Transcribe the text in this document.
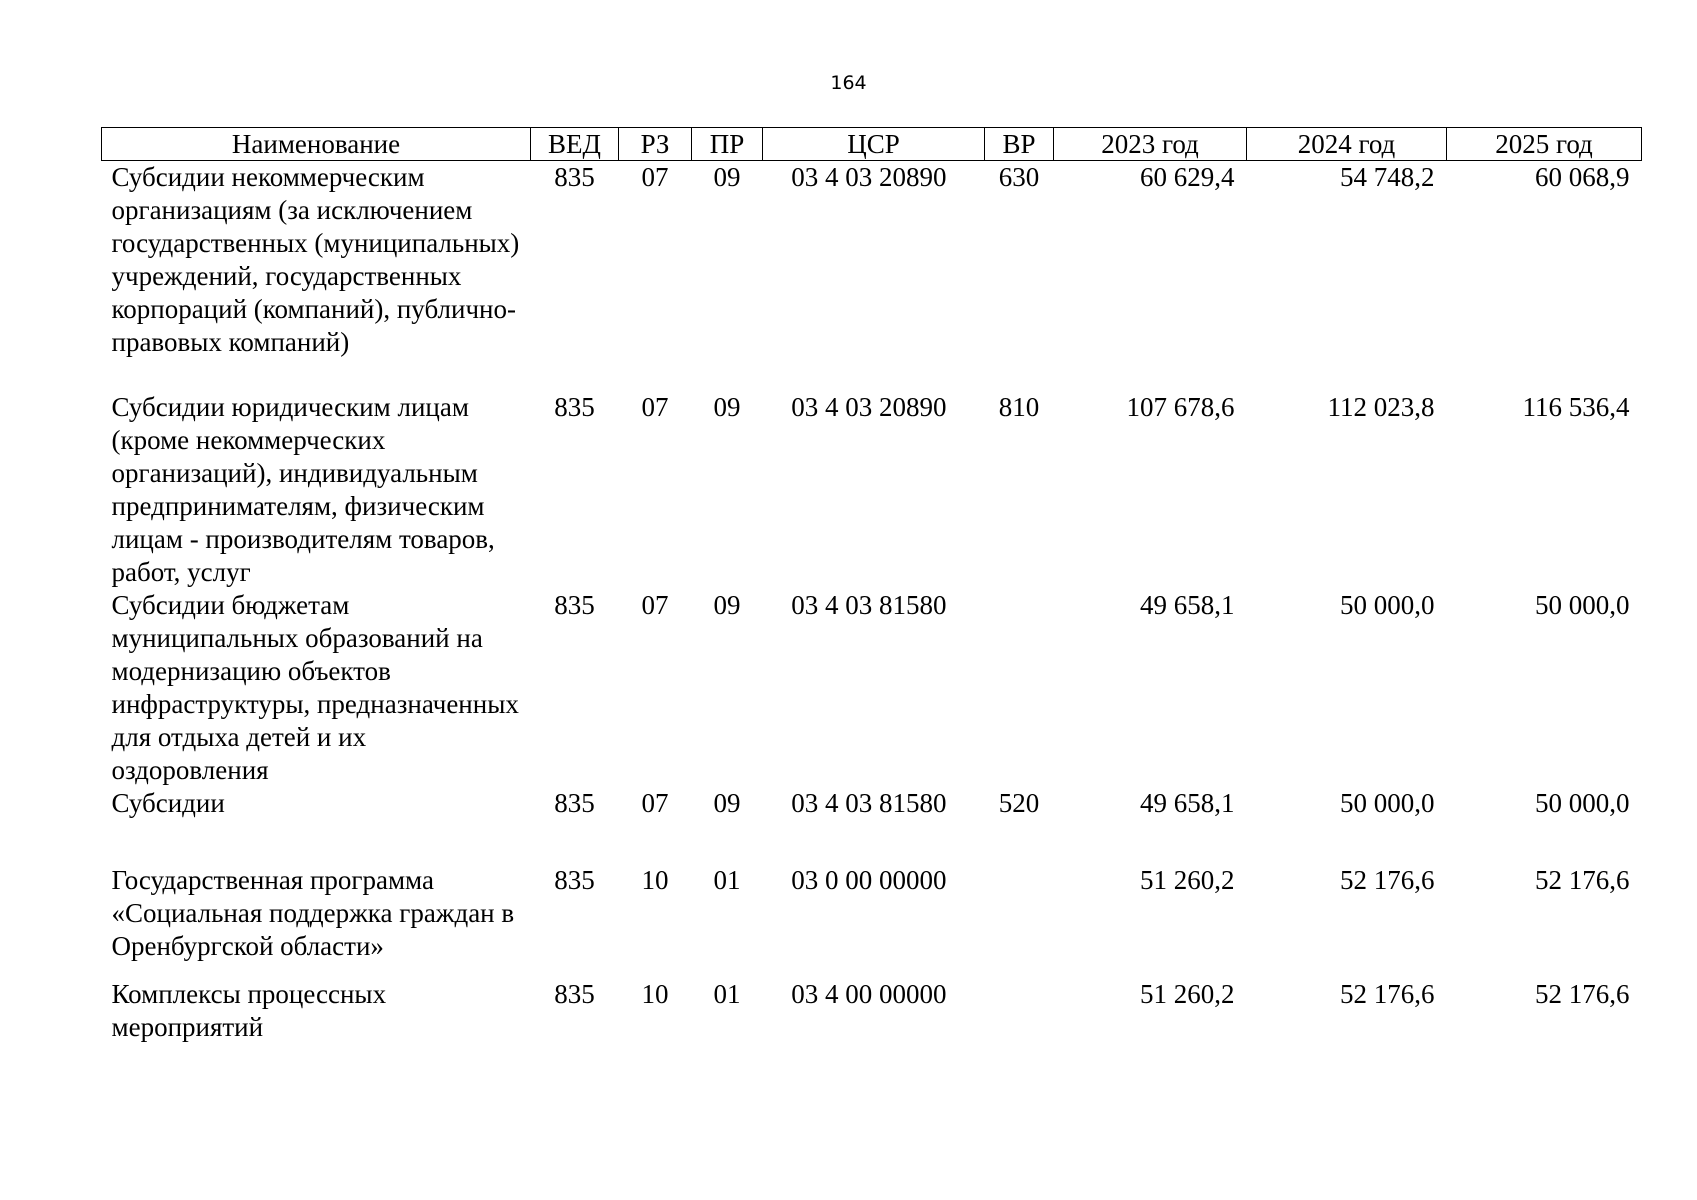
164
Наименование	ВЕД	РЗ	ПР	ЦСР	ВР	2023 год	2024 год	2025 год
Субсидии некоммерческим организациям (за исключением государственных (муниципальных) учреждений, государственных корпораций (компаний), публично-правовых компаний)	835	07	09	03 4 03 20890	630	60 629,4	54 748,2	60 068,9
Субсидии юридическим лицам (кроме некоммерческих организаций), индивидуальным предпринимателям, физическим лицам - производителям товаров, работ, услуг	835	07	09	03 4 03 20890	810	107 678,6	112 023,8	116 536,4
Субсидии бюджетам муниципальных образований на модернизацию объектов инфраструктуры, предназначенных для отдыха детей и их оздоровления	835	07	09	03 4 03 81580		49 658,1	50 000,0	50 000,0
Субсидии	835	07	09	03 4 03 81580	520	49 658,1	50 000,0	50 000,0
Государственная программа «Социальная поддержка граждан в Оренбургской области»	835	10	01	03 0 00 00000		51 260,2	52 176,6	52 176,6
Комплексы процессных мероприятий	835	10	01	03 4 00 00000		51 260,2	52 176,6	52 176,6
